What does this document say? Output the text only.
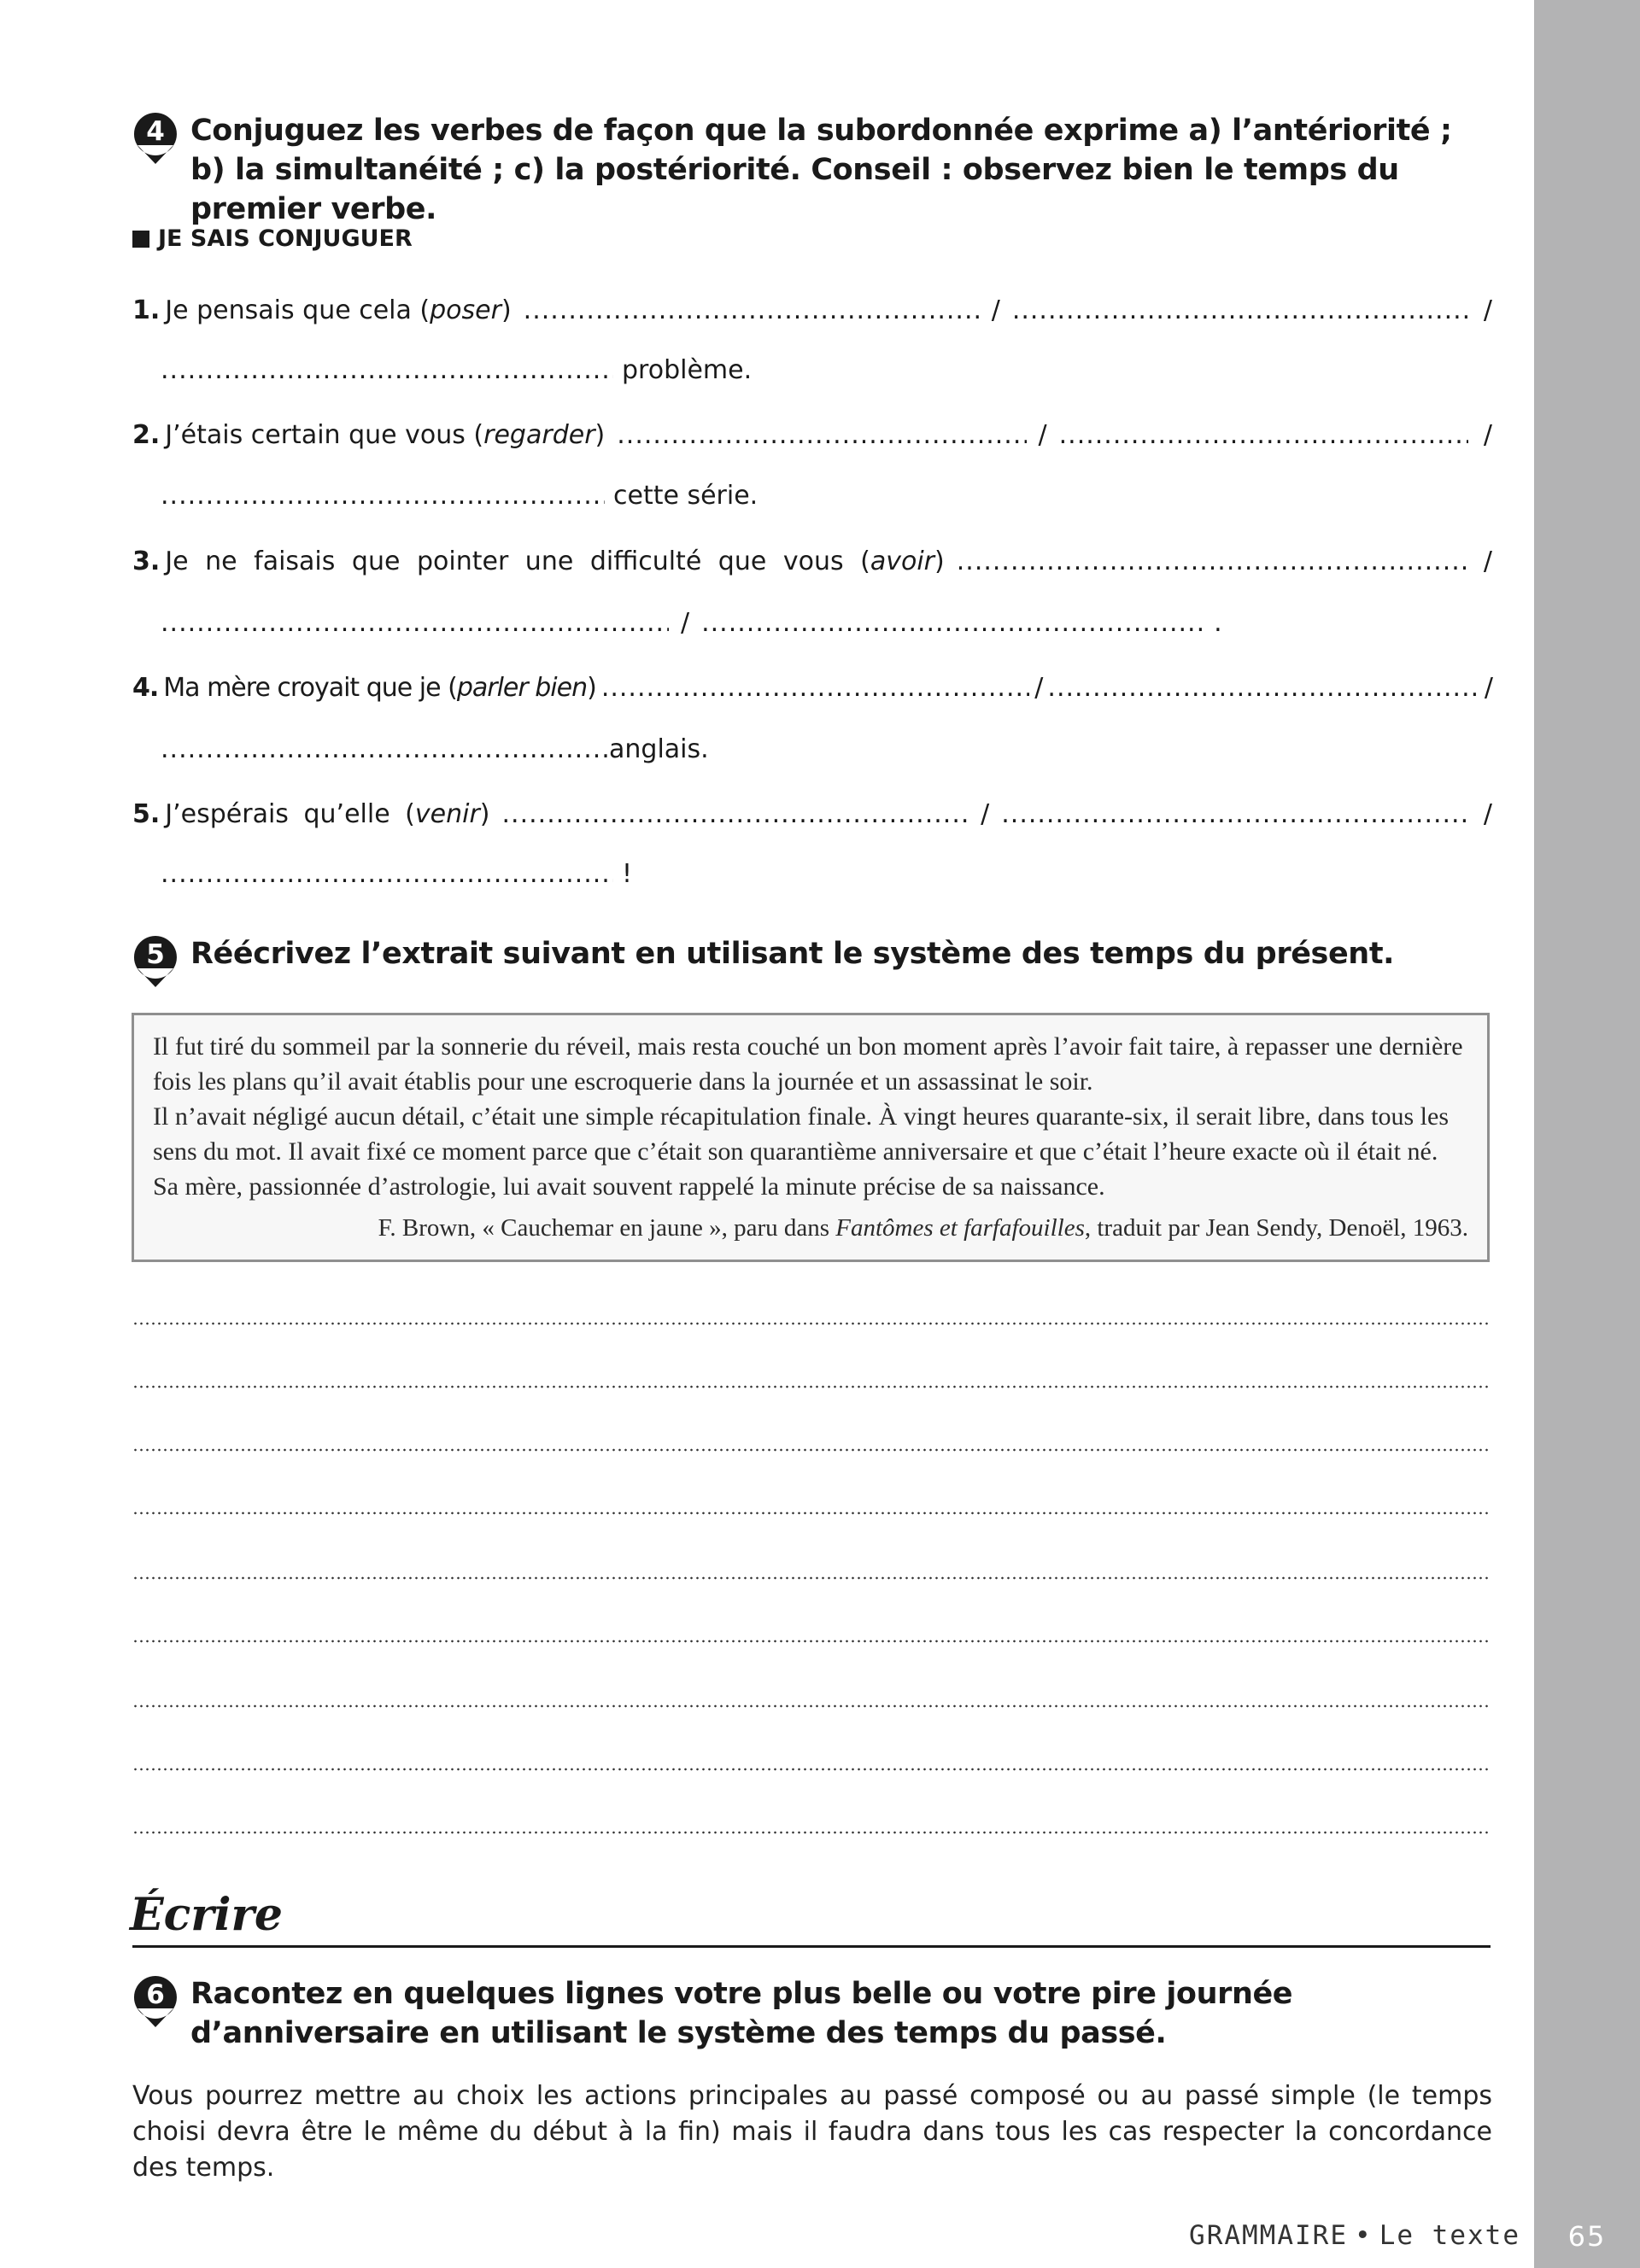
4 Conjuguez les verbes de façon que la subordonnée exprime a) l’antériorité ; b) la simultanéité ; c) la postériorité. Conseil : observez bien le temps du premier verbe.
JE SAIS CONJUGUER
1. Je pensais que cela (poser) .....	/ .....	/
.....
problème.
2. J’étais certain que vous (regarder) .....	/ .....	/
.....
cette série.
3. Je ne faisais que pointer une difficulté que vous (avoir) .....	/
.....
/ .....	.
4. Ma mère croyait que je (parler bien) .....	/ .....	/
.....
anglais.
5. J’espérais qu’elle (venir) .....	/ .....	/
.....
!
5 Réécrivez l’extrait suivant en utilisant le système des temps du présent.

Il fut tiré du sommeil par la sonnerie du réveil, mais resta couché un bon moment après l’avoir fait taire, à repasser une dernière fois les plans qu’il avait établis pour une escroquerie dans la journée et un assassinat le soir.

Il n’avait négligé aucun détail, c’était une simple récapitulation finale. À vingt heures quarante-six, il serait libre, dans tous les sens du mot. Il avait fixé ce moment parce que c’était son quarantième anniversaire et que c’était l’heure exacte où il était né. Sa mère, passionnée d’astrologie, lui avait souvent rappelé la minute précise de sa naissance.

F. Brown, « Cauchemar en jaune », paru dans Fantômes et farfafouilles, traduit par Jean Sendy, Denoël, 1963.

Écrire
6 Racontez en quelques lignes votre plus belle ou votre pire journée d’anniversaire en utilisant le système des temps du passé.
Vous pourrez mettre au choix les actions principales au passé composé ou au passé simple (le temps choisi devra être le même du début à la fin) mais il faudra dans tous les cas respecter la concordance des temps.
GRAMMAIRE • Le texte	65
